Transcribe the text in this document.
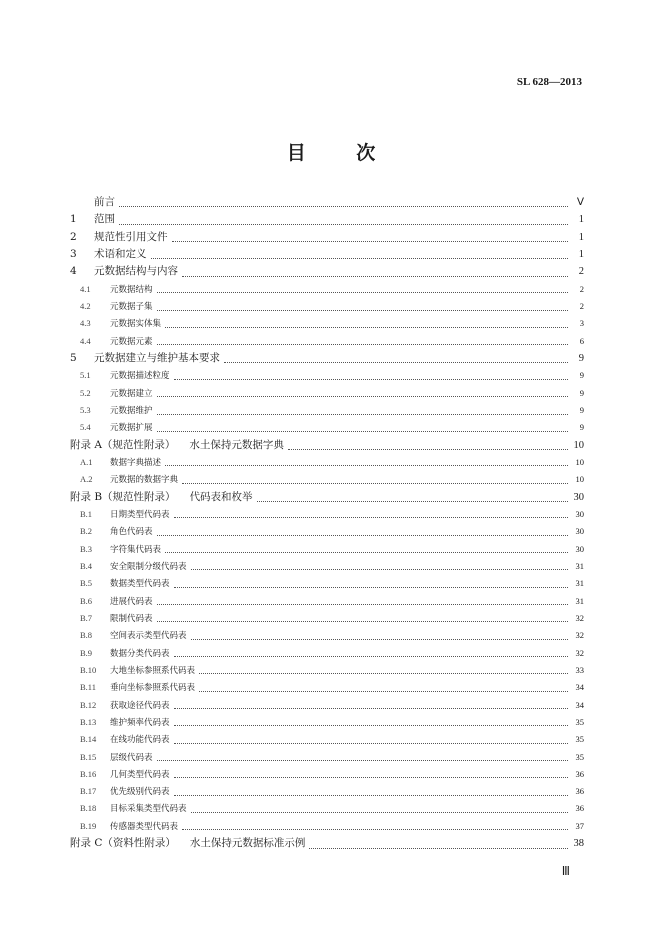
SL 628—2013
目 次
前言	Ⅴ
1	范围	1
2	规范性引用文件	1
3	术语和定义	1
4	元数据结构与内容	2
4.1	元数据结构	2
4.2	元数据子集	2
4.3	元数据实体集	3
4.4	元数据元素	6
5	元数据建立与维护基本要求	9
5.1	元数据描述粒度	9
5.2	元数据建立	9
5.3	元数据维护	9
5.4	元数据扩展	9
附录 A（规范性附录）	水土保持元数据字典	10
A.1	数据字典描述	10
A.2	元数据的数据字典	10
附录 B（规范性附录）	代码表和枚举	30
B.1	日期类型代码表	30
B.2	角色代码表	30
B.3	字符集代码表	30
B.4	安全限制分级代码表	31
B.5	数据类型代码表	31
B.6	进展代码表	31
B.7	限制代码表	32
B.8	空间表示类型代码表	32
B.9	数据分类代码表	32
B.10	大地坐标参照系代码表	33
B.11	垂向坐标参照系代码表	34
B.12	获取途径代码表	34
B.13	维护频率代码表	35
B.14	在线功能代码表	35
B.15	层级代码表	35
B.16	几何类型代码表	36
B.17	优先级别代码表	36
B.18	目标采集类型代码表	36
B.19	传感器类型代码表	37
附录 C（资料性附录）	水土保持元数据标准示例	38
Ⅲ
